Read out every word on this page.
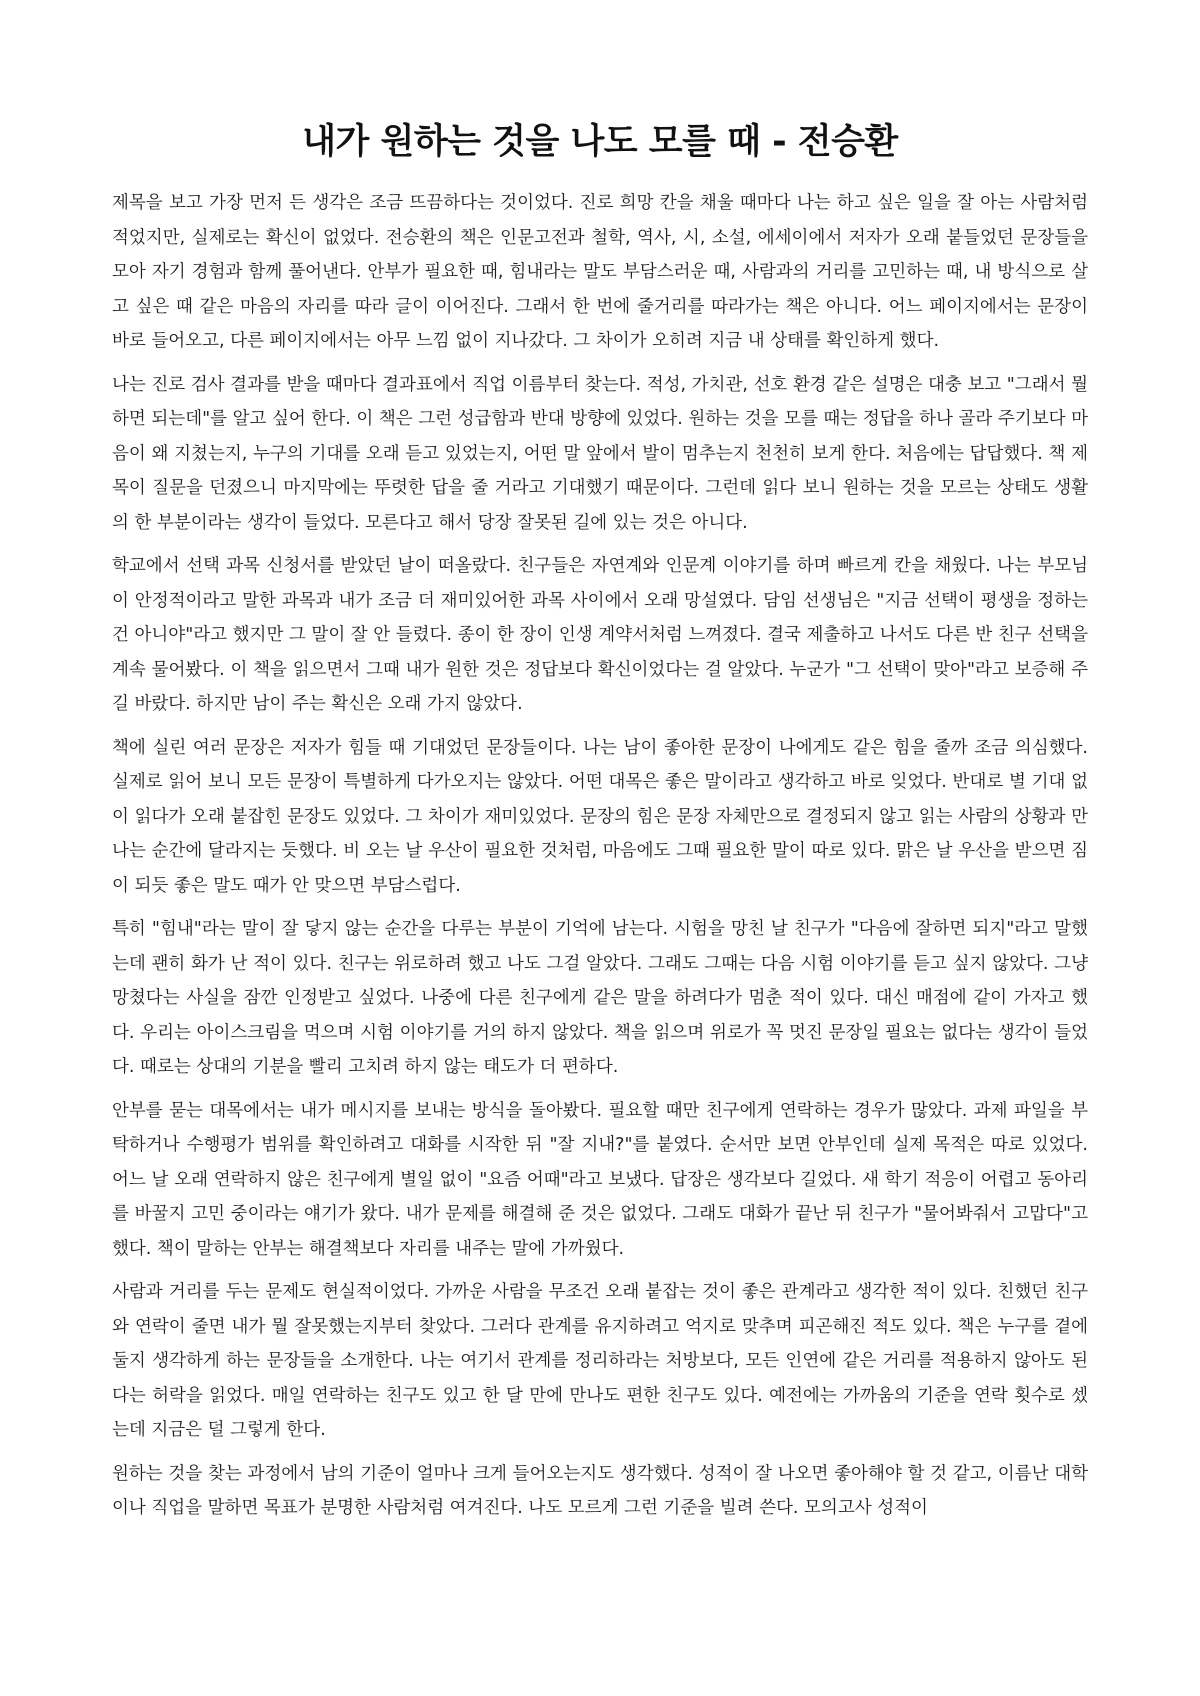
내가 원하는 것을 나도 모를 때 - 전승환

제목을 보고 가장 먼저 든 생각은 조금 뜨끔하다는 것이었다. 진로 희망 칸을 채울 때마다 나는 하고 싶은 일을 잘 아는 사람처럼 적었지만, 실제로는 확신이 없었다. 전승환의 책은 인문고전과 철학, 역사, 시, 소설, 에세이에서 저자가 오래 붙들었던 문장들을 모아 자기 경험과 함께 풀어낸다. 안부가 필요한 때, 힘내라는 말도 부담스러운 때, 사람과의 거리를 고민하는 때, 내 방식으로 살고 싶은 때 같은 마음의 자리를 따라 글이 이어진다. 그래서 한 번에 줄거리를 따라가는 책은 아니다. 어느 페이지에서는 문장이 바로 들어오고, 다른 페이지에서는 아무 느낌 없이 지나갔다. 그 차이가 오히려 지금 내 상태를 확인하게 했다.

나는 진로 검사 결과를 받을 때마다 결과표에서 직업 이름부터 찾는다. 적성, 가치관, 선호 환경 같은 설명은 대충 보고 "그래서 뭘 하면 되는데"를 알고 싶어 한다. 이 책은 그런 성급함과 반대 방향에 있었다. 원하는 것을 모를 때는 정답을 하나 골라 주기보다 마음이 왜 지쳤는지, 누구의 기대를 오래 듣고 있었는지, 어떤 말 앞에서 발이 멈추는지 천천히 보게 한다. 처음에는 답답했다. 책 제목이 질문을 던졌으니 마지막에는 뚜렷한 답을 줄 거라고 기대했기 때문이다. 그런데 읽다 보니 원하는 것을 모르는 상태도 생활의 한 부분이라는 생각이 들었다. 모른다고 해서 당장 잘못된 길에 있는 것은 아니다.

학교에서 선택 과목 신청서를 받았던 날이 떠올랐다. 친구들은 자연계와 인문계 이야기를 하며 빠르게 칸을 채웠다. 나는 부모님이 안정적이라고 말한 과목과 내가 조금 더 재미있어한 과목 사이에서 오래 망설였다. 담임 선생님은 "지금 선택이 평생을 정하는 건 아니야"라고 했지만 그 말이 잘 안 들렸다. 종이 한 장이 인생 계약서처럼 느껴졌다. 결국 제출하고 나서도 다른 반 친구 선택을 계속 물어봤다. 이 책을 읽으면서 그때 내가 원한 것은 정답보다 확신이었다는 걸 알았다. 누군가 "그 선택이 맞아"라고 보증해 주길 바랐다. 하지만 남이 주는 확신은 오래 가지 않았다.

책에 실린 여러 문장은 저자가 힘들 때 기대었던 문장들이다. 나는 남이 좋아한 문장이 나에게도 같은 힘을 줄까 조금 의심했다. 실제로 읽어 보니 모든 문장이 특별하게 다가오지는 않았다. 어떤 대목은 좋은 말이라고 생각하고 바로 잊었다. 반대로 별 기대 없이 읽다가 오래 붙잡힌 문장도 있었다. 그 차이가 재미있었다. 문장의 힘은 문장 자체만으로 결정되지 않고 읽는 사람의 상황과 만나는 순간에 달라지는 듯했다. 비 오는 날 우산이 필요한 것처럼, 마음에도 그때 필요한 말이 따로 있다. 맑은 날 우산을 받으면 짐이 되듯 좋은 말도 때가 안 맞으면 부담스럽다.

특히 "힘내"라는 말이 잘 닿지 않는 순간을 다루는 부분이 기억에 남는다. 시험을 망친 날 친구가 "다음에 잘하면 되지"라고 말했는데 괜히 화가 난 적이 있다. 친구는 위로하려 했고 나도 그걸 알았다. 그래도 그때는 다음 시험 이야기를 듣고 싶지 않았다. 그냥 망쳤다는 사실을 잠깐 인정받고 싶었다. 나중에 다른 친구에게 같은 말을 하려다가 멈춘 적이 있다. 대신 매점에 같이 가자고 했다. 우리는 아이스크림을 먹으며 시험 이야기를 거의 하지 않았다. 책을 읽으며 위로가 꼭 멋진 문장일 필요는 없다는 생각이 들었다. 때로는 상대의 기분을 빨리 고치려 하지 않는 태도가 더 편하다.

안부를 묻는 대목에서는 내가 메시지를 보내는 방식을 돌아봤다. 필요할 때만 친구에게 연락하는 경우가 많았다. 과제 파일을 부탁하거나 수행평가 범위를 확인하려고 대화를 시작한 뒤 "잘 지내?"를 붙였다. 순서만 보면 안부인데 실제 목적은 따로 있었다. 어느 날 오래 연락하지 않은 친구에게 별일 없이 "요즘 어때"라고 보냈다. 답장은 생각보다 길었다. 새 학기 적응이 어렵고 동아리를 바꿀지 고민 중이라는 얘기가 왔다. 내가 문제를 해결해 준 것은 없었다. 그래도 대화가 끝난 뒤 친구가 "물어봐줘서 고맙다"고 했다. 책이 말하는 안부는 해결책보다 자리를 내주는 말에 가까웠다.

사람과 거리를 두는 문제도 현실적이었다. 가까운 사람을 무조건 오래 붙잡는 것이 좋은 관계라고 생각한 적이 있다. 친했던 친구와 연락이 줄면 내가 뭘 잘못했는지부터 찾았다. 그러다 관계를 유지하려고 억지로 맞추며 피곤해진 적도 있다. 책은 누구를 곁에 둘지 생각하게 하는 문장들을 소개한다. 나는 여기서 관계를 정리하라는 처방보다, 모든 인연에 같은 거리를 적용하지 않아도 된다는 허락을 읽었다. 매일 연락하는 친구도 있고 한 달 만에 만나도 편한 친구도 있다. 예전에는 가까움의 기준을 연락 횟수로 셌는데 지금은 덜 그렇게 한다.

원하는 것을 찾는 과정에서 남의 기준이 얼마나 크게 들어오는지도 생각했다. 성적이 잘 나오면 좋아해야 할 것 같고, 이름난 대학이나 직업을 말하면 목표가 분명한 사람처럼 여겨진다. 나도 모르게 그런 기준을 빌려 쓴다. 모의고사 성적이
